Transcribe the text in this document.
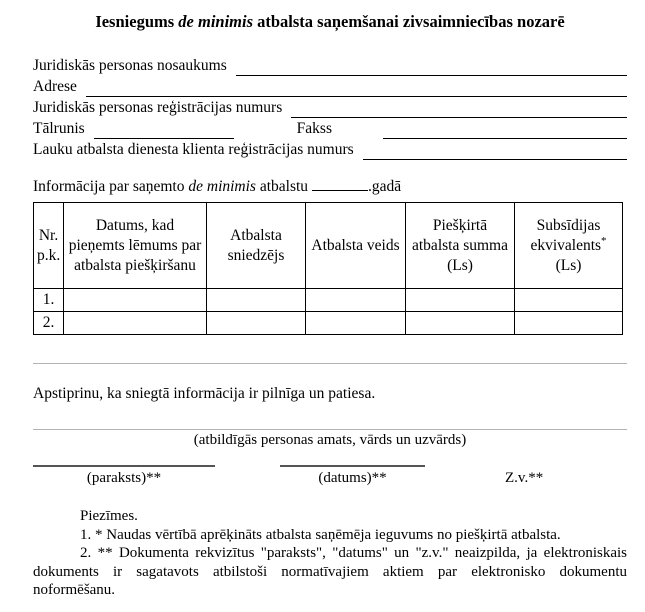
Iesniegums de minimis atbalsta saņemšanai zivsaimniecības nozarē
Juridiskās personas nosaukums
Adrese
Juridiskās personas reģistrācijas numurs
Tālrunis	Fakss
Lauku atbalsta dienesta klienta reģistrācijas numurs
Informācija par saņemto de minimis atbalstu	.gadā
Nr. p.k.	Datums, kad pieņemts lēmums par atbalsta piešķiršanu	Atbalsta sniedzējs	Atbalsta veids	Piešķirtā atbalsta summa (Ls)	Subsīdijas ekvivalents* (Ls)
1.					
2.					
Apstiprinu, ka sniegtā informācija ir pilnīga un patiesa.
(atbildīgās personas amats, vārds un uzvārds)
(paraksts)**	(datums)**	Z.v.**

Piezīmes.

1. * Naudas vērtībā aprēķināts atbalsta saņēmēja ieguvums no piešķirtā atbalsta.

2. ** Dokumenta rekvizītus "paraksts", "datums" un "z.v." neaizpilda, ja elektroniskais dokuments ir sagatavots atbilstoši normatīvajiem aktiem par elektronisko dokumentu noformēšanu.
